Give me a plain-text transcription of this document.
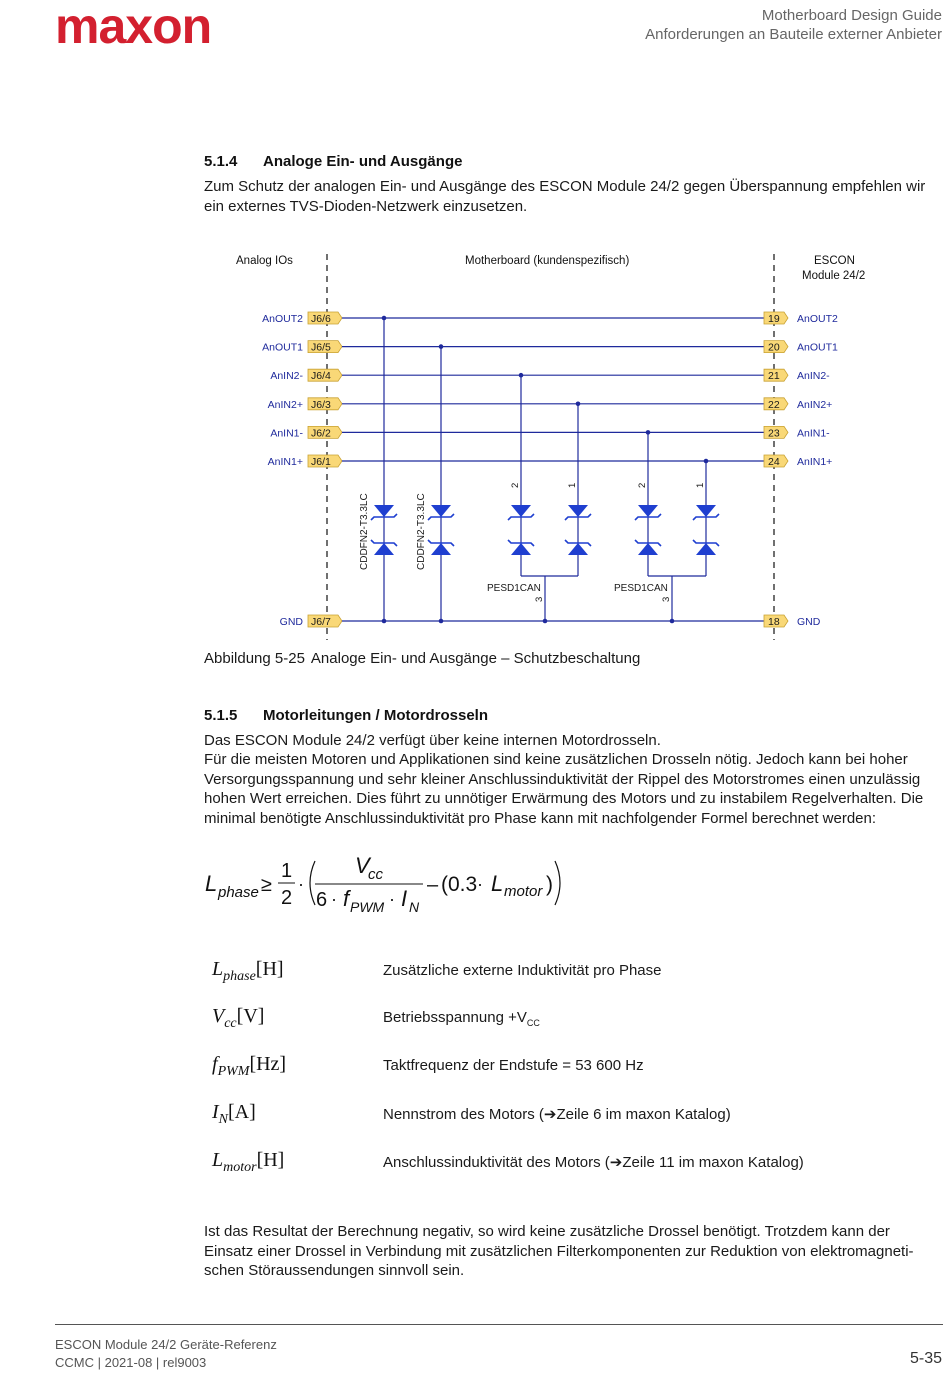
maxon	Motherboard Design Guide
Anforderungen an Bauteile externer Anbieter
5.1.4 Analoge Ein- und Ausgänge
Zum Schutz der analogen Ein- und Ausgänge des ESCON Module 24/2 gegen Überspannung empfehlen wir ein externes TVS-Dioden-Netzwerk einzusetzen.
Analog IOs	Motherboard (kundenspezifisch)	ESCON
Module 24/2
AnOUT2 J6/6	19 AnOUT2
AnOUT1 J6/5	20 AnOUT1
AnIN2- J6/4	21 AnIN2-
AnIN2+ J6/3	22 AnIN2+
AnIN1- J6/2	23 AnIN1-
AnIN1+ J6/1	24 AnIN1+
GND J6/7	18 GND
CDDFN2-T3.3LC	CDDFN2-T3.3LC
2	1
PESD1CAN
3
2	1
PESD1CAN
3
Abbildung 5-25 Analoge Ein- und Ausgänge – Schutzbeschaltung
5.1.5 Motorleitungen / Motordrosseln
Das ESCON Module 24/2 verfügt über keine internen Motordrosseln.
Für die meisten Motoren und Applikationen sind keine zusätzlichen Drosseln nötig. Jedoch kann bei hoher Versorgungsspannung und sehr kleiner Anschlussinduktivität der Rippel des Motorstromes einen unzulässig hohen Wert erreichen. Dies führt zu unnötiger Erwärmung des Motors und zu instabilem Regelverhalten. Die minimal benötigte Anschlussinduktivität pro Phase kann mit nachfolgender Formel berechnet werden:
L phase ≥
1
2
·
V
cc
6 · f PWM · I N
– (0.3 · L motor )
$L_{phase}[H]$	Zusätzliche externe Induktivität pro Phase
$V_{cc}[V]$	Betriebsspannung $+V_{CC}$
$f_{PWM}[Hz]$	Taktfrequenz der Endstufe = 53 600 Hz
$I_N[A]$	Nennstrom des Motors (➔Zeile 6 im maxon Katalog)
$L_{motor}[H]$	Anschlussinduktivität des Motors (➔Zeile 11 im maxon Katalog)
Ist das Resultat der Berechnung negativ, so wird keine zusätzliche Drossel benötigt. Trotzdem kann der Einsatz einer Drossel in Verbindung mit zusätzlichen Filterkomponenten zur Reduktion von elektromagnetischen Störaussendungen sinnvoll sein.
ESCON Module 24/2 Geräte-Referenz
CCMC | 2021-08 | rel9003	5-35
